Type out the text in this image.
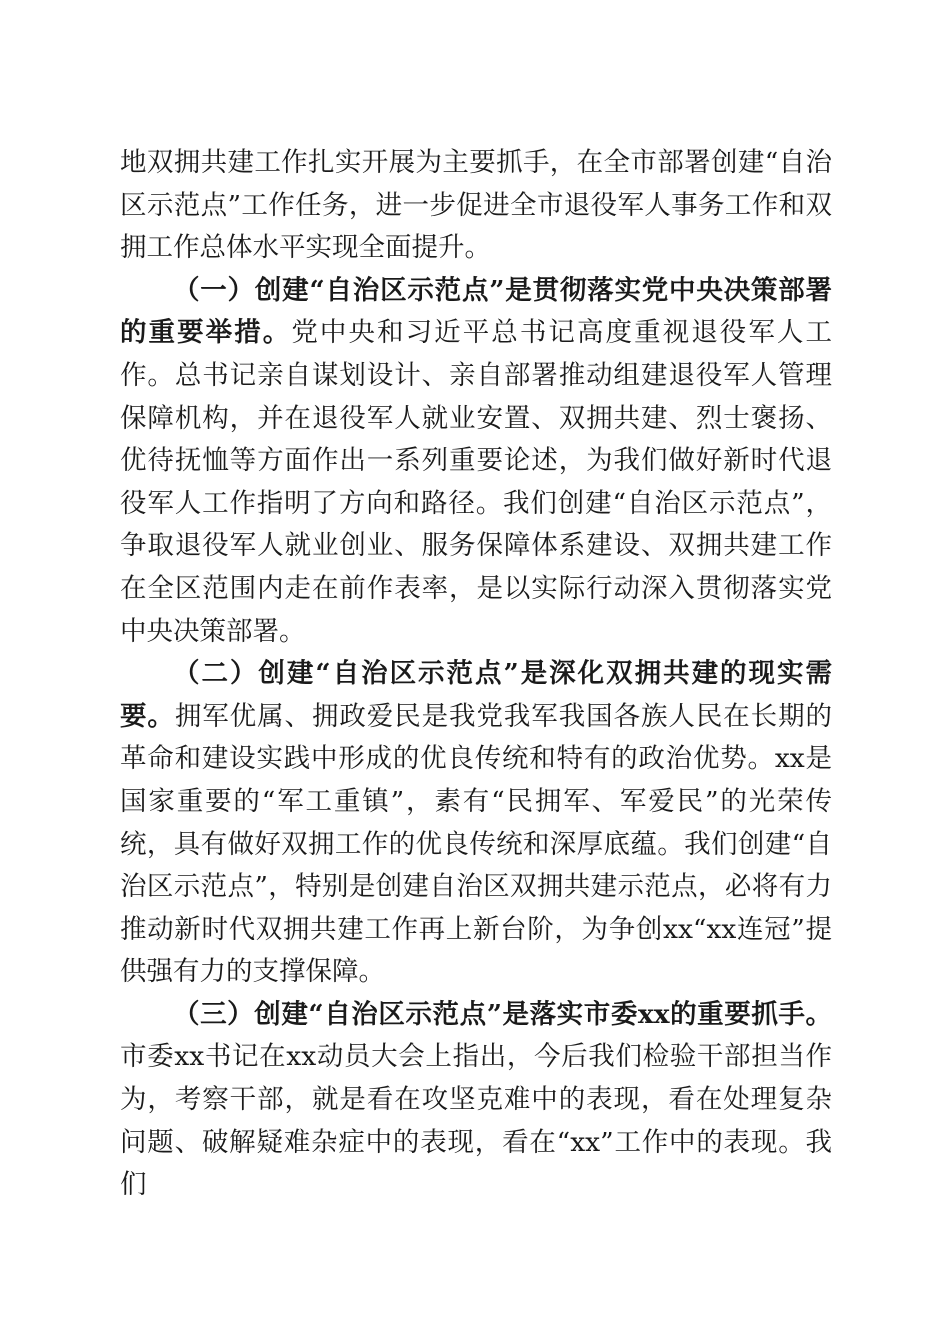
地双拥共建工作扎实开展为主要抓手，在全市部署创建“自治区示范点”工作任务，进一步促进全市退役军人事务工作和双拥工作总体水平实现全面提升。

（一）创建“自治区示范点”是贯彻落实党中央决策部署的重要举措。党中央和习近平总书记高度重视退役军人工作。总书记亲自谋划设计、亲自部署推动组建退役军人管理保障机构，并在退役军人就业安置、双拥共建、烈士褒扬、优待抚恤等方面作出一系列重要论述，为我们做好新时代退役军人工作指明了方向和路径。我们创建“自治区示范点”，争取退役军人就业创业、服务保障体系建设、双拥共建工作在全区范围内走在前作表率，是以实际行动深入贯彻落实党中央决策部署。

（二）创建“自治区示范点”是深化双拥共建的现实需要。拥军优属、拥政爱民是我党我军我国各族人民在长期的革命和建设实践中形成的优良传统和特有的政治优势。xx是国家重要的“军工重镇”，素有“民拥军、军爱民”的光荣传统，具有做好双拥工作的优良传统和深厚底蕴。我们创建“自治区示范点”，特别是创建自治区双拥共建示范点，必将有力推动新时代双拥共建工作再上新台阶，为争创xx“xx连冠”提供强有力的支撑保障。

（三）创建“自治区示范点”是落实市委xx的重要抓手。市委xx书记在xx动员大会上指出，今后我们检验干部担当作为，考察干部，就是看在攻坚克难中的表现，看在处理复杂问题、破解疑难杂症中的表现，看在“xx”工作中的表现。我们
